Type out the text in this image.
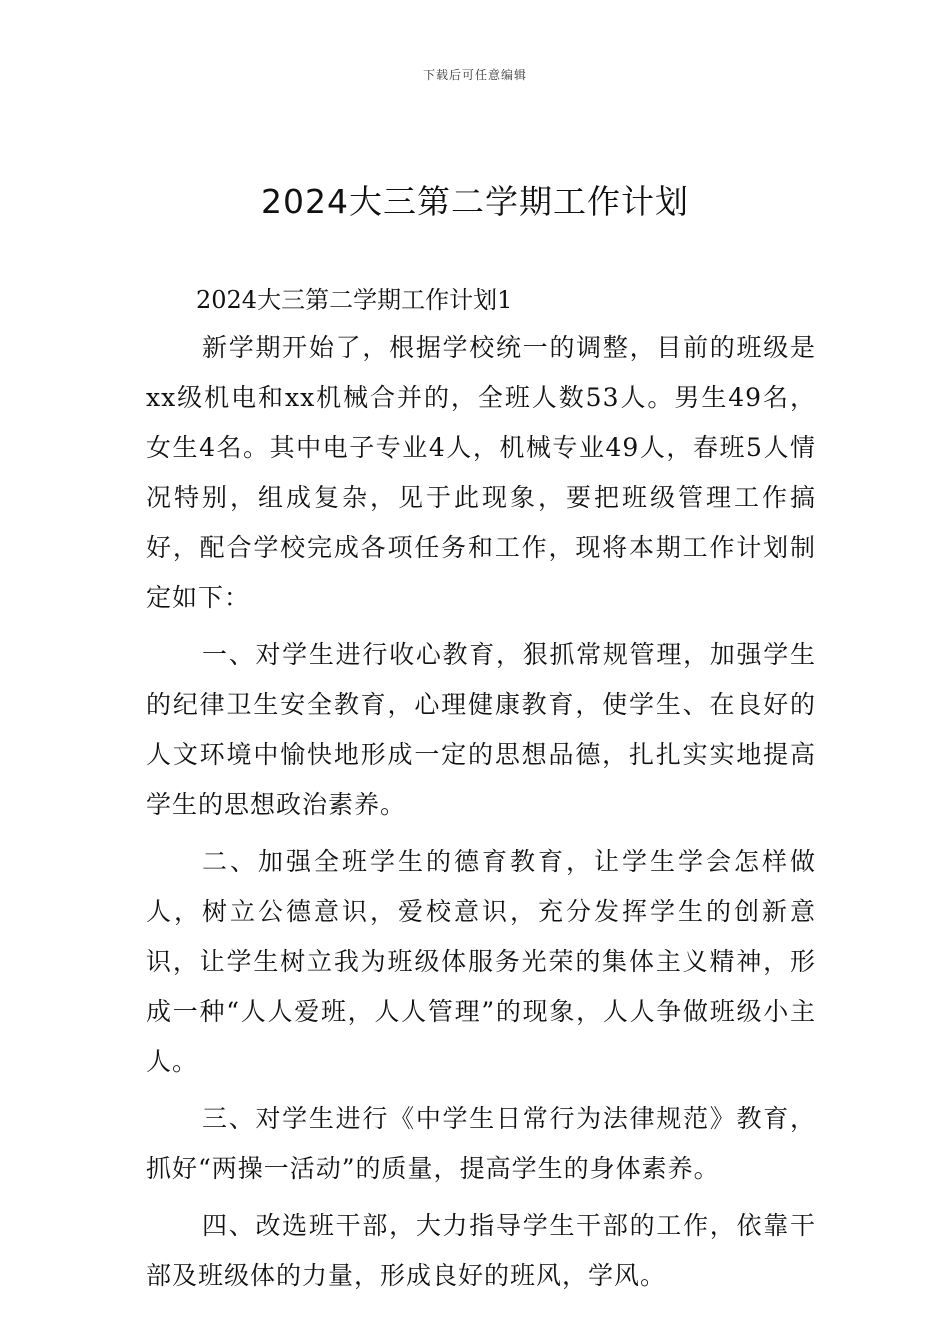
下载后可任意编辑
2024大三第二学期工作计划

2024大三第二学期工作计划1

新学期开始了，根据学校统一的调整，目前的班级是xx级机电和xx机械合并的，全班人数53人。男生49名，女生4名。其中电子专业4人，机械专业49人，春班5人情况特别，组成复杂，见于此现象，要把班级管理工作搞好，配合学校完成各项任务和工作，现将本期工作计划制定如下：

一、对学生进行收心教育，狠抓常规管理，加强学生的纪律卫生安全教育，心理健康教育，使学生、在良好的人文环境中愉快地形成一定的思想品德，扎扎实实地提高学生的思想政治素养。

二、加强全班学生的德育教育，让学生学会怎样做人，树立公德意识，爱校意识，充分发挥学生的创新意识，让学生树立我为班级体服务光荣的集体主义精神，形成一种“人人爱班，人人管理”的现象，人人争做班级小主人。

三、对学生进行《中学生日常行为法律规范》教育，抓好“两操一活动”的质量，提高学生的身体素养。

四、改选班干部，大力指导学生干部的工作，依靠干部及班级体的力量，形成良好的班风，学风。
